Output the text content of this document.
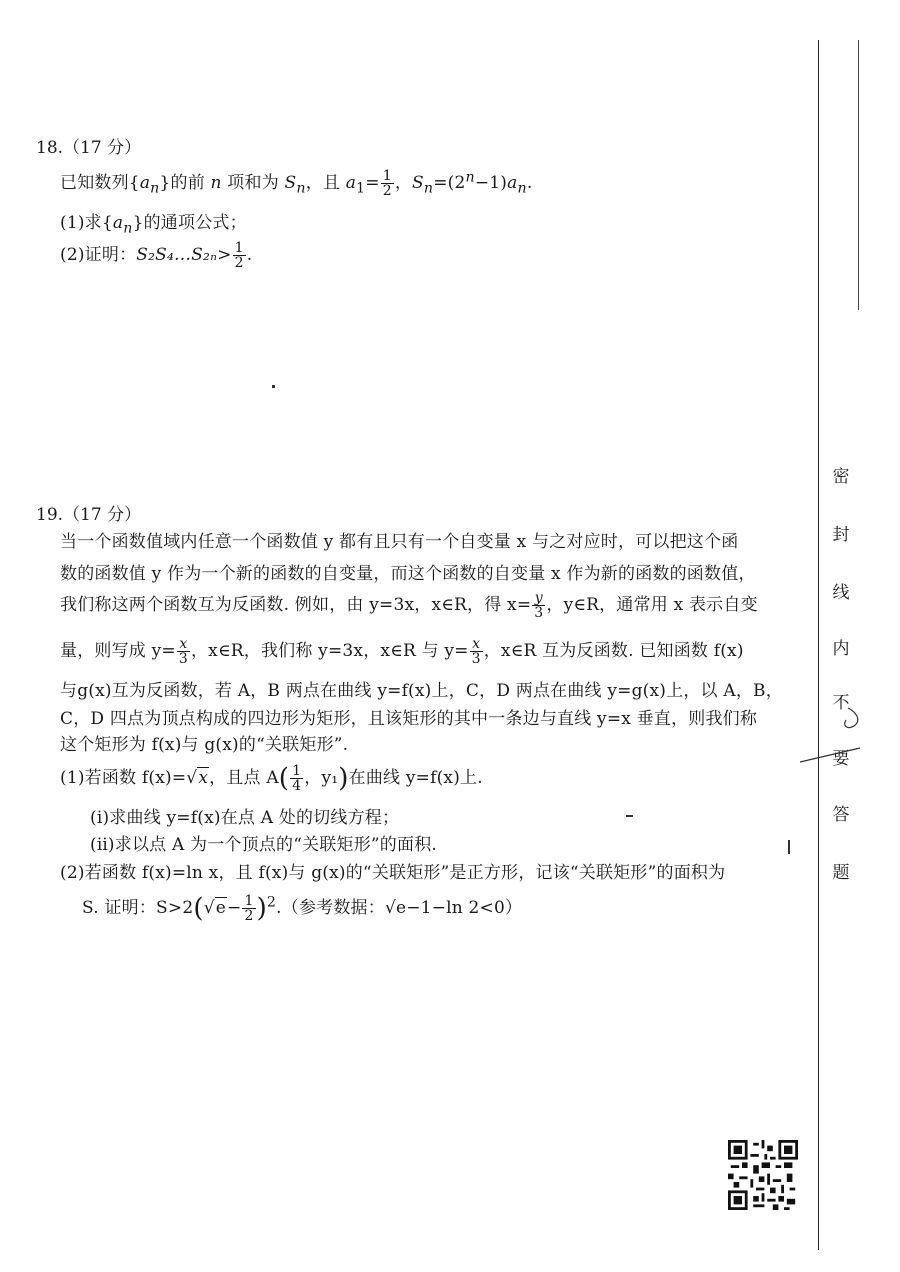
18.（17 分）
已知数列$\{a_n\}$的前 n 项和为 $S_n$，且 $a_1= \frac{1}{2}$ ，$S_n=(2^n-1)a_n$.
(1)求$\{a_n\}$的通项公式；
(2)证明：S₂S₄…S₂ₙ> $\frac{1}{2}$ .
19.（17 分）
当一个函数值域内任意一个函数值 y 都有且只有一个自变量 x 与之对应时，可以把这个函
数的函数值 y 作为一个新的函数的自变量，而这个函数的自变量 x 作为新的函数的函数值，
我们称这两个函数互为反函数. 例如，由 y=3x，x∈R，得 $x= \frac{y}{3}$ ，y∈R，通常用 x 表示自变
量，则写成 $y= \frac{x}{3}$ ，x∈R，我们称 y=3x，x∈R 与 $y= \frac{x}{3}$ ，x∈R 互为反函数. 已知函数 f(x)
与g(x)互为反函数，若 A，B 两点在曲线 y=f(x)上，C，D 两点在曲线 y=g(x)上，以 A，B，
C，D 四点为顶点构成的四边形为矩形，且该矩形的其中一条边与直线 y=x 垂直，则我们称
这个矩形为 f(x)与 g(x)的“关联矩形”.
(1)若函数 f(x)=√x，且点 $A( \frac{1}{4}$ ，y₁)在曲线 y=f(x)上.
(ⅰ)求曲线 y=f(x)在点 A 处的切线方程；
(ⅱ)求以点 A 为一个顶点的“关联矩形”的面积.
(2)若函数 f(x)=ln x，且 f(x)与 g(x)的“关联矩形”是正方形，记该“关联矩形”的面积为
S. 证明：$S>2(√e- \frac{1}{2} )^2$.（参考数据：√e−1−ln 2<0）
密
封
线
内
不
要
答
题
